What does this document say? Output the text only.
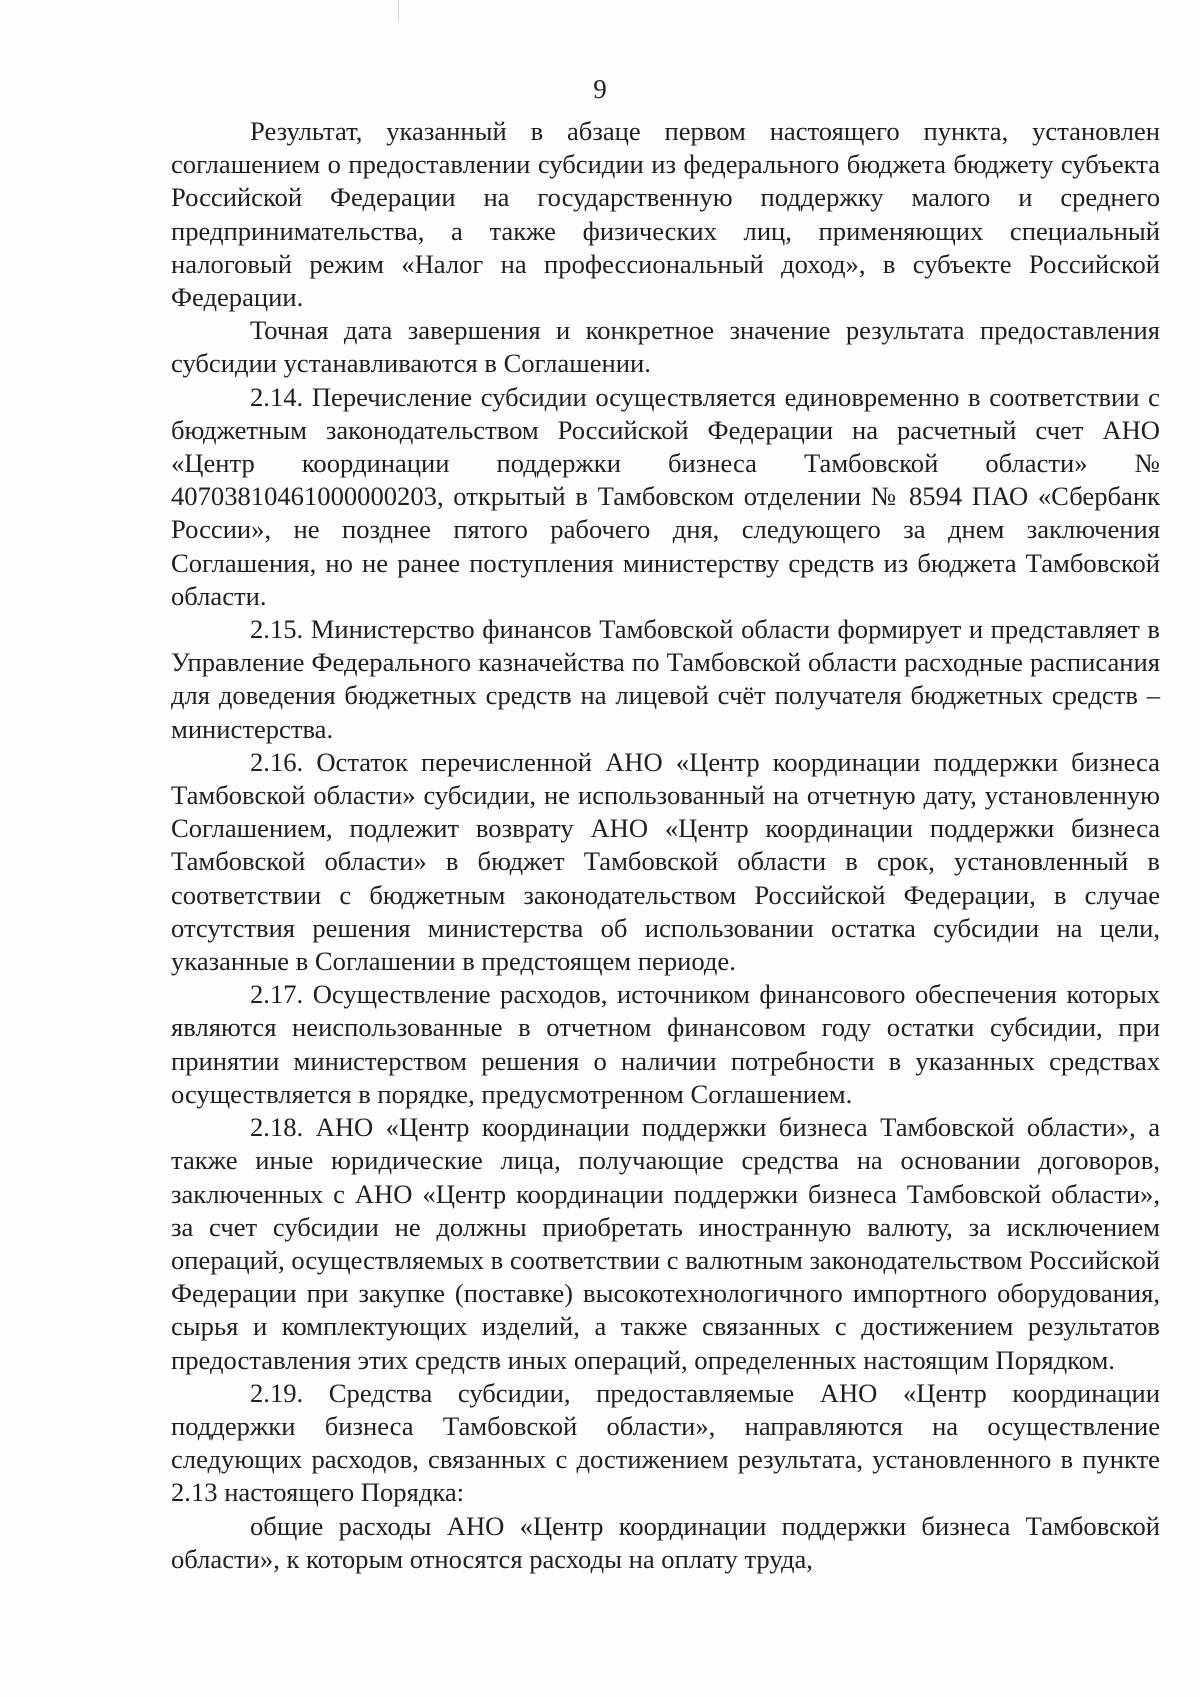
9

Результат, указанный в абзаце первом настоящего пункта, установлен соглашением о предоставлении субсидии из федерального бюджета бюджету субъекта Российской Федерации на государственную поддержку малого и среднего предпринимательства, а также физических лиц, применяющих специальный налоговый режим «Налог на профессиональный доход», в субъекте Российской Федерации.

Точная дата завершения и конкретное значение результата предоставления субсидии устанавливаются в Соглашении.

2.14. Перечисление субсидии осуществляется единовременно в соответствии с бюджетным законодательством Российской Федерации на расчетный счет АНО «Центр координации поддержки бизнеса Тамбовской области» № 40703810461000000203, открытый в Тамбовском отделении № 8594 ПАО «Сбербанк России», не позднее пятого рабочего дня, следующего за днем заключения Соглашения, но не ранее поступления министерству средств из бюджета Тамбовской области.

2.15. Министерство финансов Тамбовской области формирует и представляет в Управление Федерального казначейства по Тамбовской области расходные расписания для доведения бюджетных средств на лицевой счёт получателя бюджетных средств – министерства.

2.16. Остаток перечисленной АНО «Центр координации поддержки бизнеса Тамбовской области» субсидии, не использованный на отчетную дату, установленную Соглашением, подлежит возврату АНО «Центр координации поддержки бизнеса Тамбовской области» в бюджет Тамбовской области в срок, установленный в соответствии с бюджетным законодательством Российской Федерации, в случае отсутствия решения министерства об использовании остатка субсидии на цели, указанные в Соглашении в предстоящем периоде.

2.17. Осуществление расходов, источником финансового обеспечения которых являются неиспользованные в отчетном финансовом году остатки субсидии, при принятии министерством решения о наличии потребности в указанных средствах осуществляется в порядке, предусмотренном Соглашением.

2.18. АНО «Центр координации поддержки бизнеса Тамбовской области», а также иные юридические лица, получающие средства на основании договоров, заключенных с АНО «Центр координации поддержки бизнеса Тамбовской области», за счет субсидии не должны приобретать иностранную валюту, за исключением операций, осуществляемых в соответствии с валютным законодательством Российской Федерации при закупке (поставке) высокотехнологичного импортного оборудования, сырья и комплектующих изделий, а также связанных с достижением результатов предоставления этих средств иных операций, определенных настоящим Порядком.

2.19. Средства субсидии, предоставляемые АНО «Центр координации поддержки бизнеса Тамбовской области», направляются на осуществление следующих расходов, связанных с достижением результата, установленного в пункте 2.13 настоящего Порядка:

общие расходы АНО «Центр координации поддержки бизнеса Тамбовской области», к которым относятся расходы на оплату труда,
